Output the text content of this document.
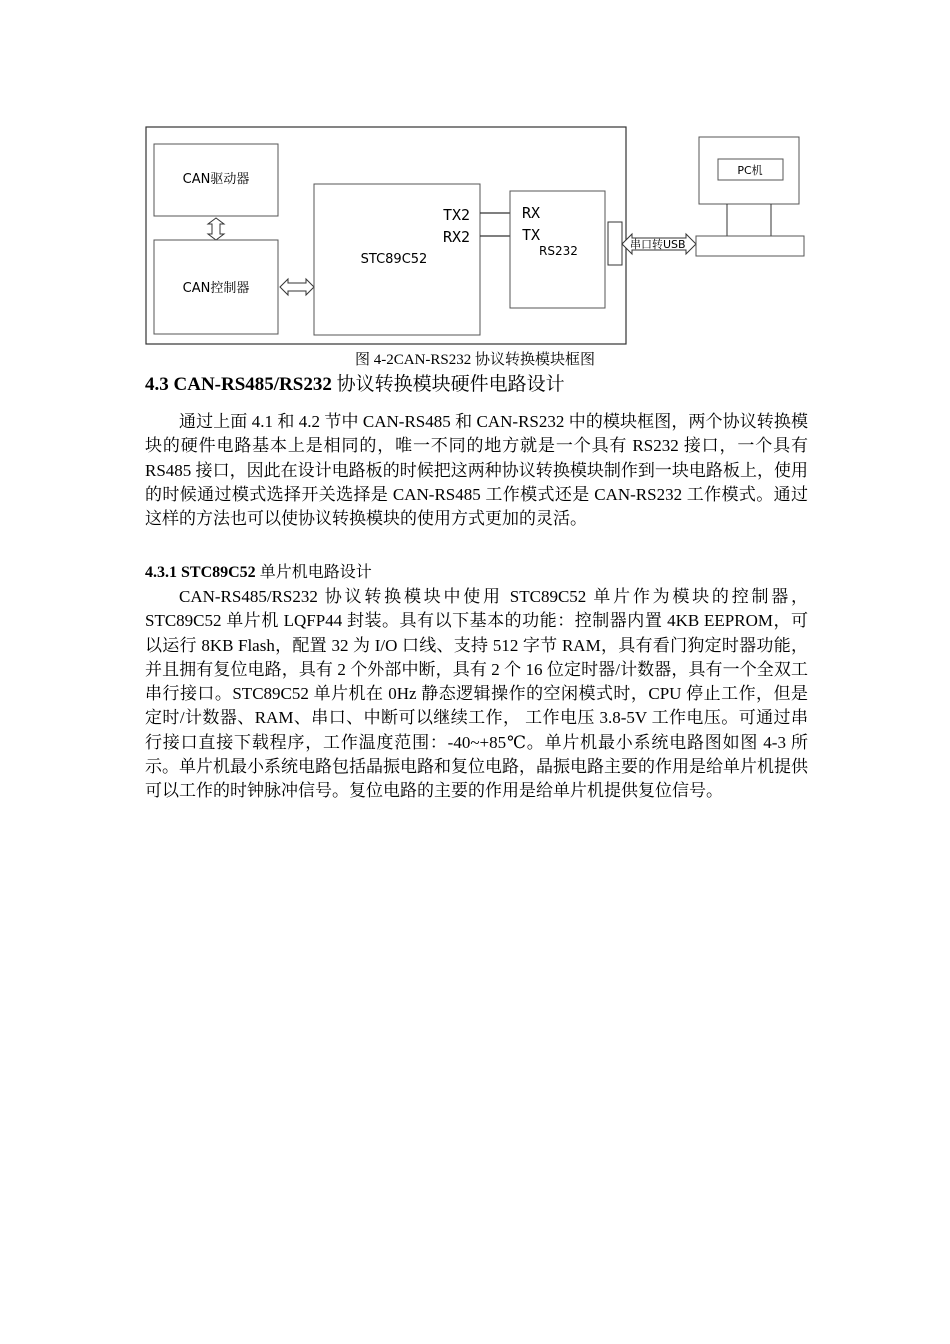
CAN驱动器
CAN控制器
STC89C52
TX2
RX2
RX
TX
RS232	串口转USB
PC机
图 4-2CAN-RS232 协议转换模块框图
4.3 CAN-RS485/RS232 协议转换模块硬件电路设计

通过上面 4.1 和 4.2 节中 CAN-RS485 和 CAN-RS232 中的模块框图，两个协议转换模块的硬件电路基本上是相同的，唯一不同的地方就是一个具有 RS232 接口，一个具有 RS485 接口，因此在设计电路板的时候把这两种协议转换模块制作到一块电路板上，使用的时候通过模式选择开关选择是 CAN-RS485 工作模式还是 CAN-RS232 工作模式。通过这样的方法也可以使协议转换模块的使用方式更加的灵活。

4.3.1 STC89C52 单片机电路设计

CAN-RS485/RS232 协议转换模块中使用 STC89C52 单片作为模块的控制器，STC89C52 单片机 LQFP44 封装。具有以下基本的功能：控制器内置 4KB EEPROM，可以运行 8KB Flash，配置 32 为 I/O 口线、支持 512 字节 RAM，具有看门狗定时器功能，并且拥有复位电路，具有 2 个外部中断，具有 2 个 16 位定时器/计数器，具有一个全双工串行接口。STC89C52 单片机在 0Hz 静态逻辑操作的空闲模式时，CPU 停止工作，但是定时/计数器、RAM、串口、中断可以继续工作， 工作电压 3.8-5V 工作电压。可通过串行接口直接下载程序，工作温度范围：-40~+85℃。单片机最小系统电路图如图 4-3 所示。单片机最小系统电路包括晶振电路和复位电路，晶振电路主要的作用是给单片机提供可以工作的时钟脉冲信号。复位电路的主要的作用是给单片机提供复位信号。
